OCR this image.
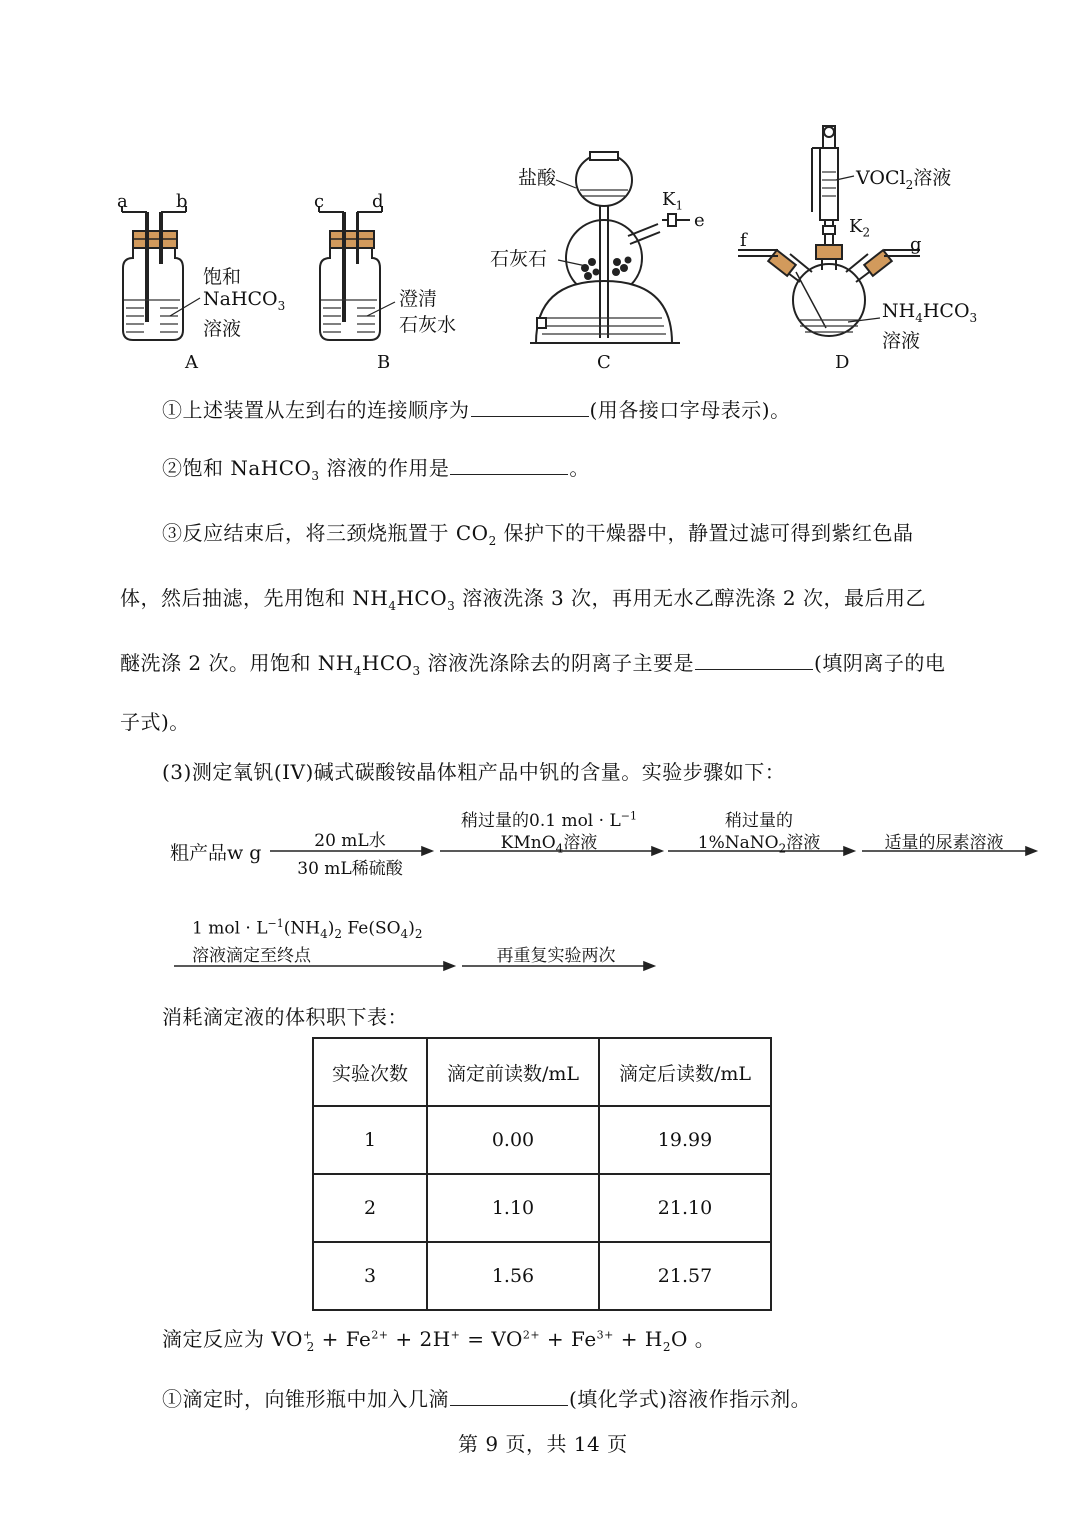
a	b
饱和
NaHCO$_3$
溶液
A
c	d
澄清
石灰水
B
盐酸
石灰石
$K_1$
e
C
VOCl$_2$溶液
$K_2$
f	g
$NH_4HCO_3$
溶液
D
①上述装置从左到右的连接顺序为	(用各接口字母表示)。
②饱和 NaHCO$_3$ 溶液的作用是	。
③反应结束后，将三颈烧瓶置于 $CO_2$ 保护下的干燥器中，静置过滤可得到紫红色晶
体，然后抽滤，先用饱和 $NH_4HCO_3$ 溶液洗涤 3 次，再用无水乙醇洗涤 2 次，最后用乙
醚洗涤 2 次。用饱和 $NH_4HCO_3$ 溶液洗涤除去的阴离子主要是	(填阴离子的电
子式)。
(3)测定氧钒(IV)碱式碳酸铵晶体粗产品中钒的含量。实验步骤如下：
粗产品w g
20 mL水
30 mL稀硫酸
稍过量的0.1 mol · $L^{-1}$
KMnO$_4$溶液
稍过量的
1%NaNO$_2$溶液	适量的尿素溶液
1 mol · $L^{-1}(NH_4)_2$ $Fe(SO_4)_2$
溶液滴定至终点	再重复实验两次
消耗滴定液的体积职下表：
实验次数	滴定前读数/mL	滴定后读数/mL
1	0.00	19.99
2	1.10	21.10
3	1.56	21.57
滴定反应为 $VO^+_2 + Fe^{2+} + 2H^+ = VO^{2+} + Fe^{3+} + H_2O$ 。
①滴定时，向锥形瓶中加入几滴	(填化学式)溶液作指示剂。
第 9 页，共 14 页
